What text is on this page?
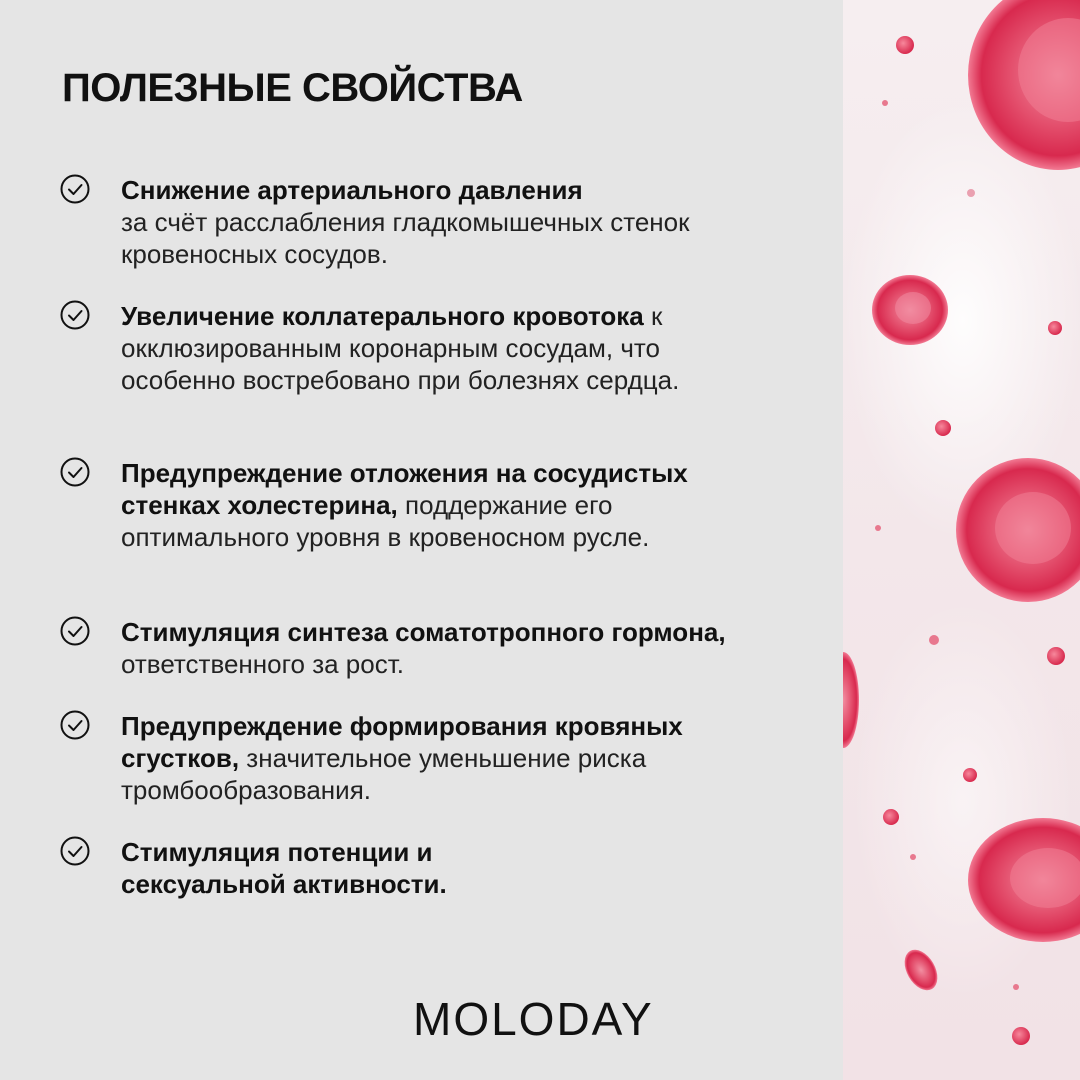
ПОЛЕЗНЫЕ СВОЙСТВА
Снижение артериального давления
за счёт расслабления гладкомышечных стенок кровеносных сосудов.
Увеличение коллатерального кровотока к окклюзированным коронарным сосудам, что особенно востребовано при болезнях сердца.
Предупреждение отложения на сосудистых стенках холестерина, поддержание его оптимального уровня в кровеносном русле.
Стимуляция синтеза соматотропного гормона, ответственного за рост.
Предупреждение формирования кровяных сгустков, значительное уменьшение риска тромбообразования.
Стимуляция потенции и сексуальной активности.
MOLODAY
